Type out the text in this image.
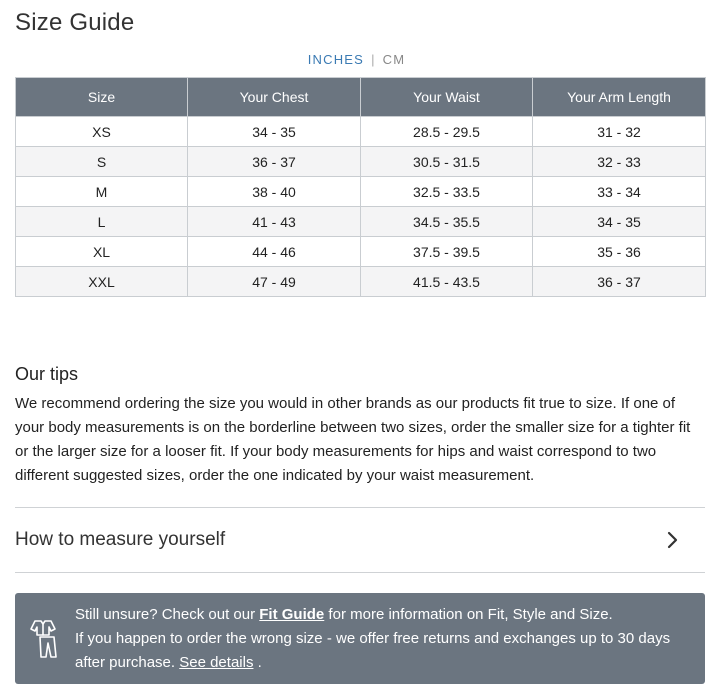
Size Guide
INCHES | CM
Size	Your Chest	Your Waist	Your Arm Length
XS	34 - 35	28.5 - 29.5	31 - 32
S	36 - 37	30.5 - 31.5	32 - 33
M	38 - 40	32.5 - 33.5	33 - 34
L	41 - 43	34.5 - 35.5	34 - 35
XL	44 - 46	37.5 - 39.5	35 - 36
XXL	47 - 49	41.5 - 43.5	36 - 37
Our tips
We recommend ordering the size you would in other brands as our products fit true to size. If one of your body measurements is on the borderline between two sizes, order the smaller size for a tighter fit or the larger size for a looser fit. If your body measurements for hips and waist correspond to two different suggested sizes, order the one indicated by your waist measurement.
How to measure yourself
Still unsure? Check out our Fit Guide for more information on Fit, Style and Size.
If you happen to order the wrong size - we offer free returns and exchanges up to 30 days after purchase. See details .
